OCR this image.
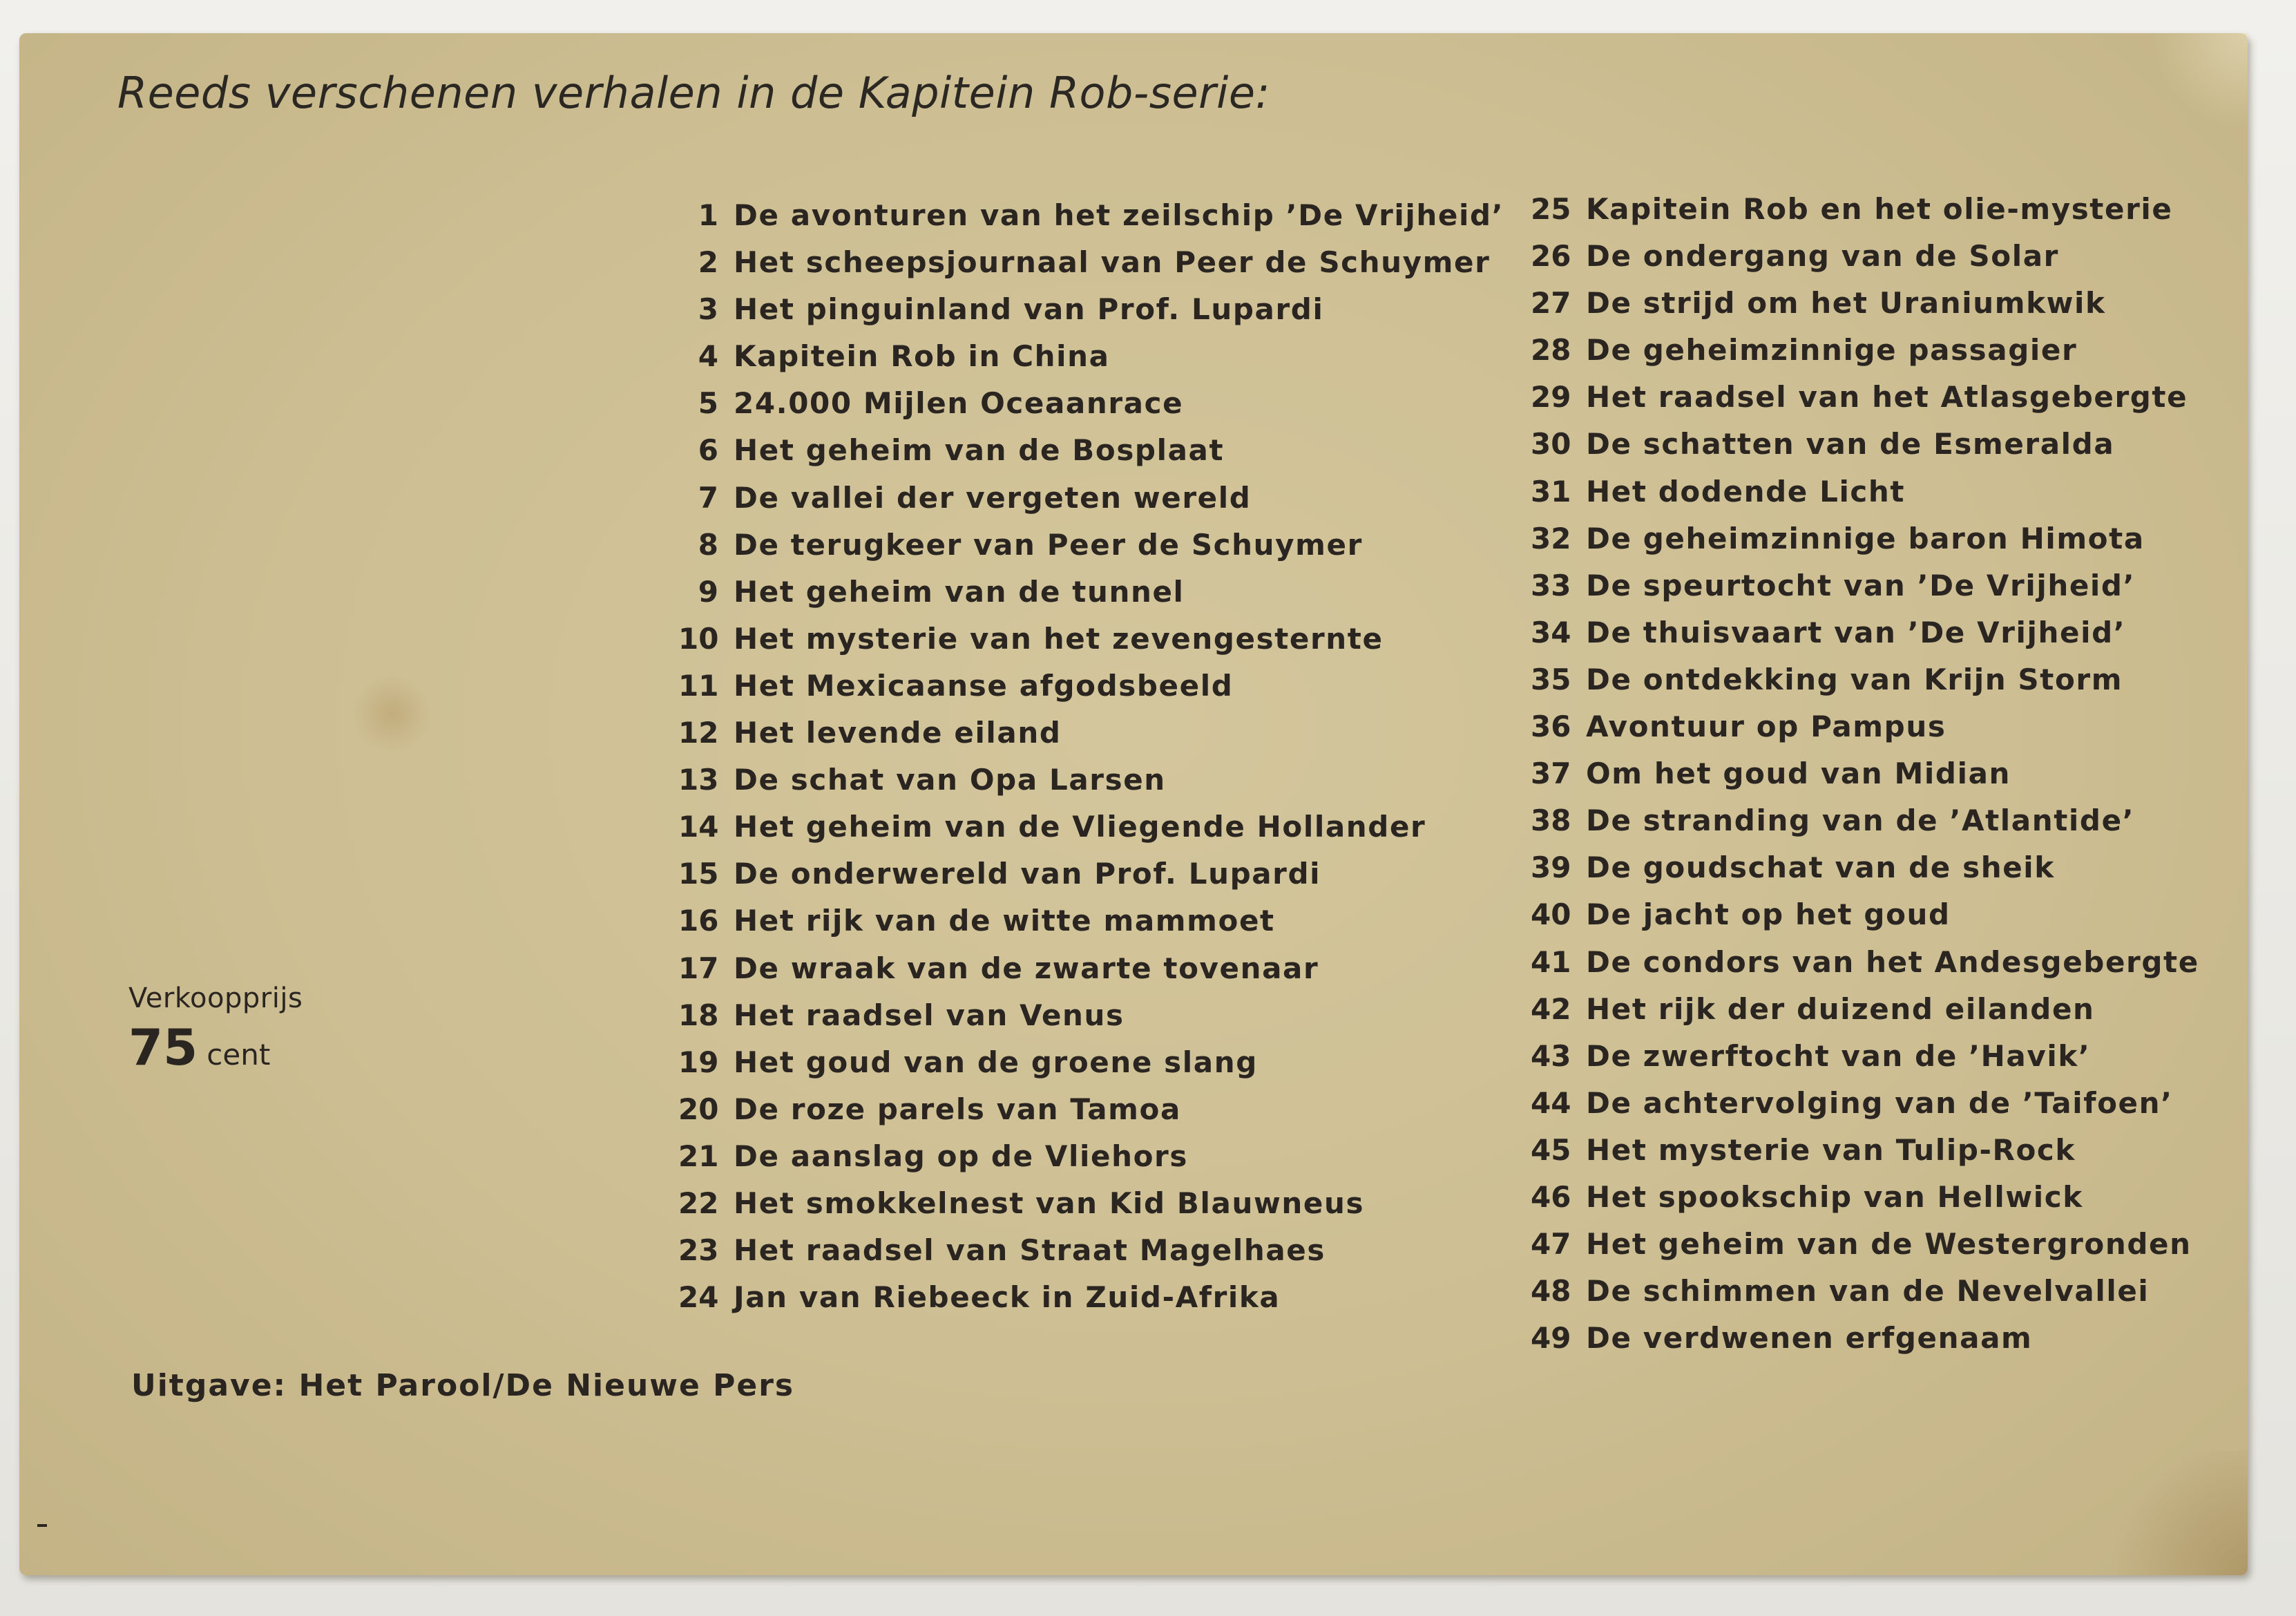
Reeds verschenen verhalen in de Kapitein Rob-serie:
1 De avonturen van het zeilschip ’De Vrijheid’
2 Het scheepsjournaal van Peer de Schuymer
3 Het pinguinland van Prof. Lupardi
4 Kapitein Rob in China
5 24.000 Mijlen Oceaanrace
6 Het geheim van de Bosplaat
7 De vallei der vergeten wereld
8 De terugkeer van Peer de Schuymer
9 Het geheim van de tunnel
10 Het mysterie van het zevengesternte
11 Het Mexicaanse afgodsbeeld
12 Het levende eiland
13 De schat van Opa Larsen
14 Het geheim van de Vliegende Hollander
15 De onderwereld van Prof. Lupardi
16 Het rijk van de witte mammoet
17 De wraak van de zwarte tovenaar
18 Het raadsel van Venus
19 Het goud van de groene slang
20 De roze parels van Tamoa
21 De aanslag op de Vliehors
22 Het smokkelnest van Kid Blauwneus
23 Het raadsel van Straat Magelhaes
24 Jan van Riebeeck in Zuid-Afrika
25 Kapitein Rob en het olie-mysterie
26 De ondergang van de Solar
27 De strijd om het Uraniumkwik
28 De geheimzinnige passagier
29 Het raadsel van het Atlasgebergte
30 De schatten van de Esmeralda
31 Het dodende Licht
32 De geheimzinnige baron Himota
33 De speurtocht van ’De Vrijheid’
34 De thuisvaart van ’De Vrijheid’
35 De ontdekking van Krijn Storm
36 Avontuur op Pampus
37 Om het goud van Midian
38 De stranding van de ’Atlantide’
39 De goudschat van de sheik
40 De jacht op het goud
41 De condors van het Andesgebergte
42 Het rijk der duizend eilanden
43 De zwerftocht van de ’Havik’
44 De achtervolging van de ’Taifoen’
45 Het mysterie van Tulip-Rock
46 Het spookschip van Hellwick
47 Het geheim van de Westergronden
48 De schimmen van de Nevelvallei
49 De verdwenen erfgenaam
Verkoopprijs
75 cent
Uitgave: Het Parool/De Nieuwe Pers
